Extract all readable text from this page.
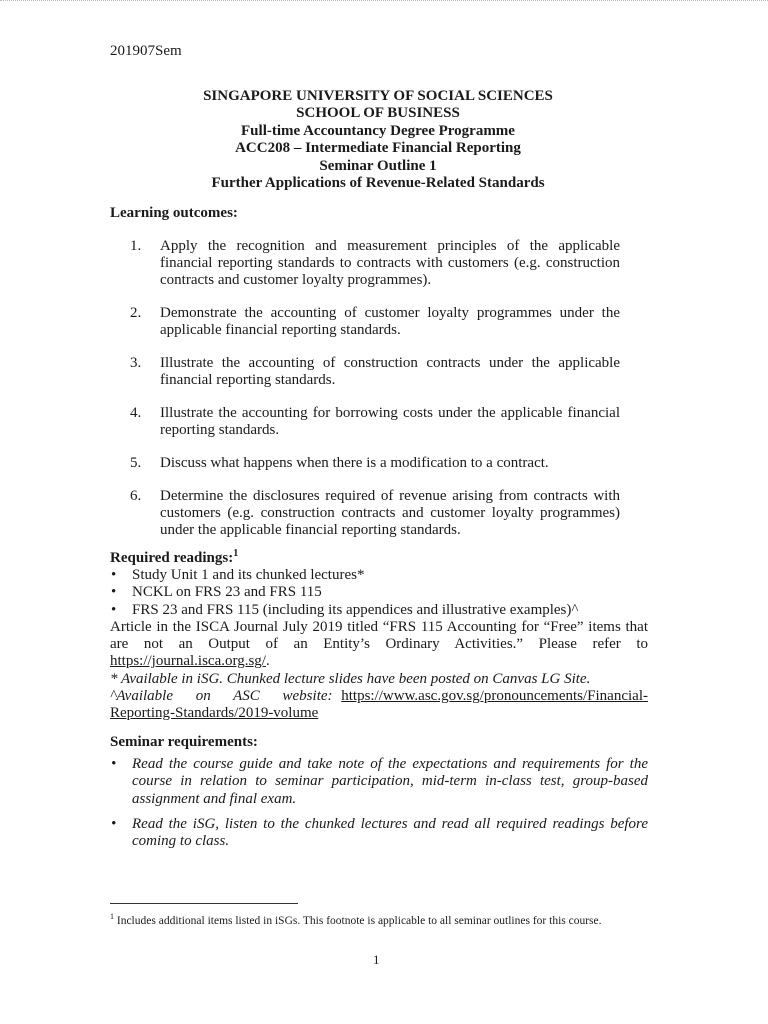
201907Sem
SINGAPORE UNIVERSITY OF SOCIAL SCIENCES
SCHOOL OF BUSINESS
Full-time Accountancy Degree Programme
ACC208 – Intermediate Financial Reporting
Seminar Outline 1
Further Applications of Revenue-Related Standards
Learning outcomes:
1. Apply the recognition and measurement principles of the applicable financial reporting standards to contracts with customers (e.g. construction contracts and customer loyalty programmes).
2. Demonstrate the accounting of customer loyalty programmes under the applicable financial reporting standards.
3. Illustrate the accounting of construction contracts under the applicable financial reporting standards.
4. Illustrate the accounting for borrowing costs under the applicable financial reporting standards.
5. Discuss what happens when there is a modification to a contract.
6. Determine the disclosures required of revenue arising from contracts with customers (e.g. construction contracts and customer loyalty programmes) under the applicable financial reporting standards.
Required readings:$^1$
• Study Unit 1 and its chunked lectures*
• NCKL on FRS 23 and FRS 115
• FRS 23 and FRS 115 (including its appendices and illustrative examples)^
Article in the ISCA Journal July 2019 titled “FRS 115 Accounting for “Free” items that
are not an Output of an Entity’s Ordinary Activities.” Please refer to
https://journal.isca.org.sg/.
* Available in iSG. Chunked lecture slides have been posted on Canvas LG Site.
^Available on ASC website: https://www.asc.gov.sg/pronouncements/Financial-
Reporting-Standards/2019-volume
Seminar requirements:
• Read the course guide and take note of the expectations and requirements for the course in relation to seminar participation, mid-term in-class test, group-based assignment and final exam.
• Read the iSG, listen to the chunked lectures and read all required readings before coming to class.
$^1$ Includes additional items listed in iSGs. This footnote is applicable to all seminar outlines for this course.
1
